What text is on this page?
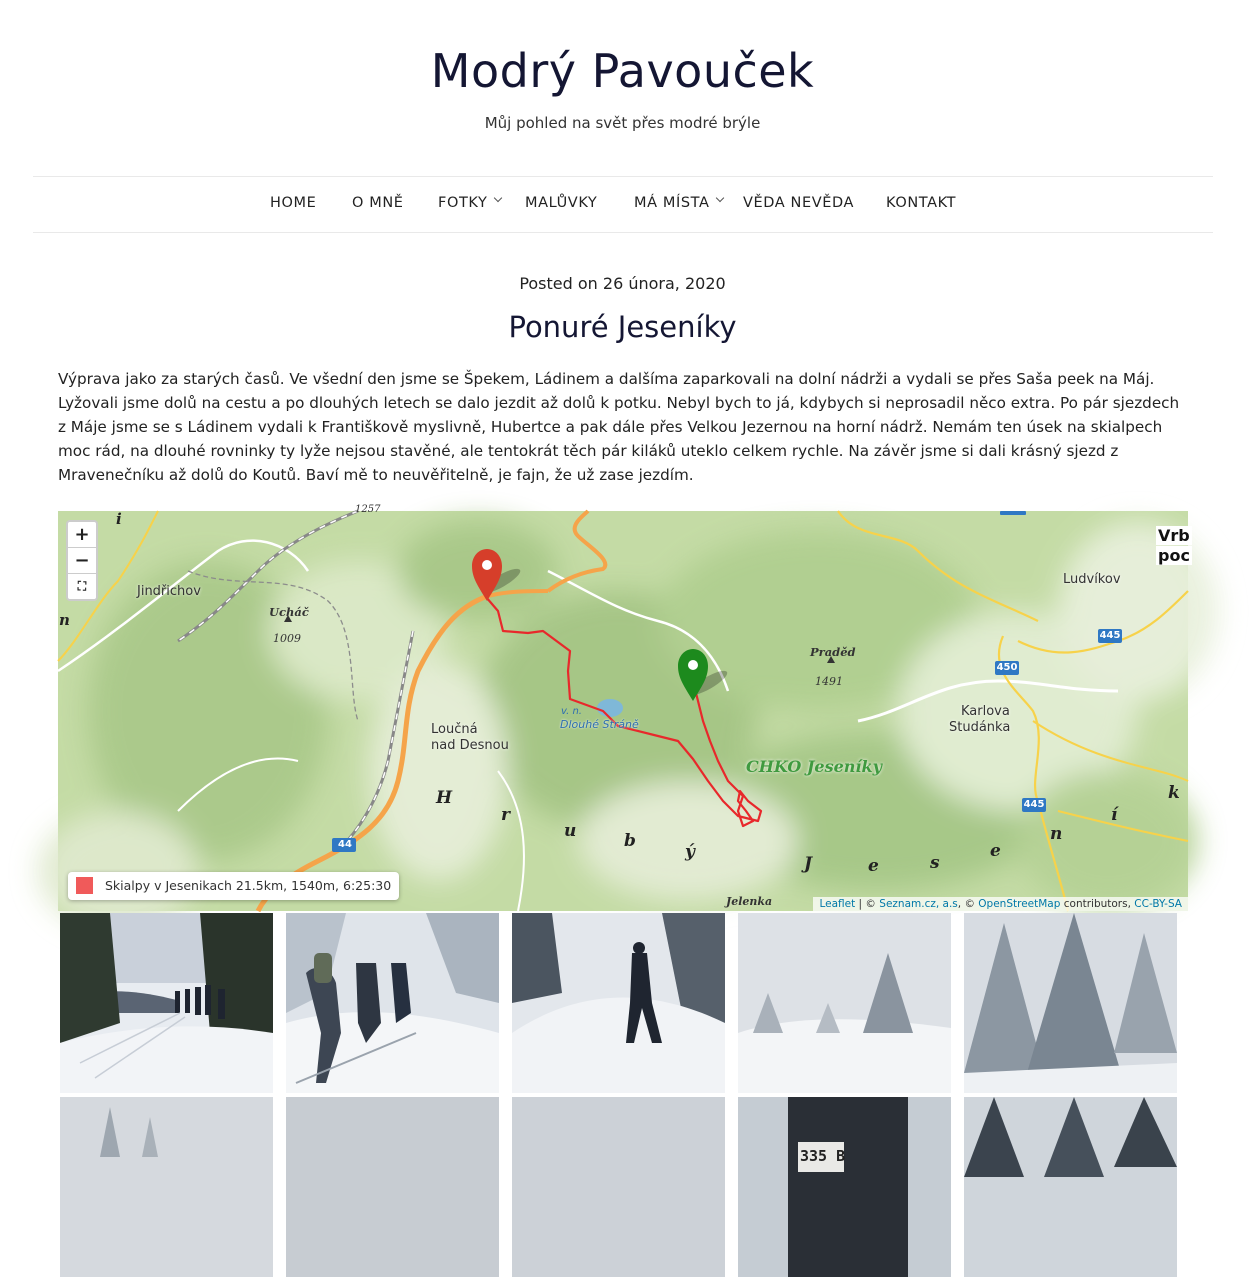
Modrý Pavouček
Můj pohled na svět přes modré brýle
HOME O MNĚ FOTKY	MALŮVKY	MÁ MÍSTA	VĚDA NEVĚDA KONTAKT
Posted on 26 února, 2020
Ponuré Jeseníky

Výprava jako za starých časů. Ve všední den jsme se Špekem, Ládinem a dalšíma zaparkovali na dolní nádrži a vydali se přes Saša peek na Máj. Lyžovali jsme dolů na cestu a po dlouhých letech se dalo jezdit až dolů k potku. Nebyl bych to já, kdybych si neprosadil něco extra. Po pár sjezdech z Máje jsme se s Ládinem vydali k Františkově myslivně, Hubertce a pak dále přes Velkou Jezernou na horní nádrž. Nemám ten úsek na skialpech moc rád, na dlouhé rovninky ty lyže nejsou stavěné, ale tentokrát těch pár kiláků uteklo celkem rychle. Na závěr jsme si dali krásný sjezd z Mravenečníku až dolů do Koutů. Baví mě to neuvěřitelně, je fajn, že už zase jezdím.

Jindřichov
Ucháč
1009
1257
Loučná
nad Desnou
v. n.
Dlouhé Stráně
Praděd
1491
Ludvíkov
Karlova
Studánka
CHKO Jeseníky
Jelenka
Vrb
poc
44
445
450
445
H
r
u	b
ý
J	e	s
e
n
í
k
n
i
+
−
⛶
Skialpy v Jesenikach 21.5km, 1540m, 6:25:30
Leaflet | © Seznam.cz, a.s, © OpenStreetMap contributors, CC-BY-SA
335 B
